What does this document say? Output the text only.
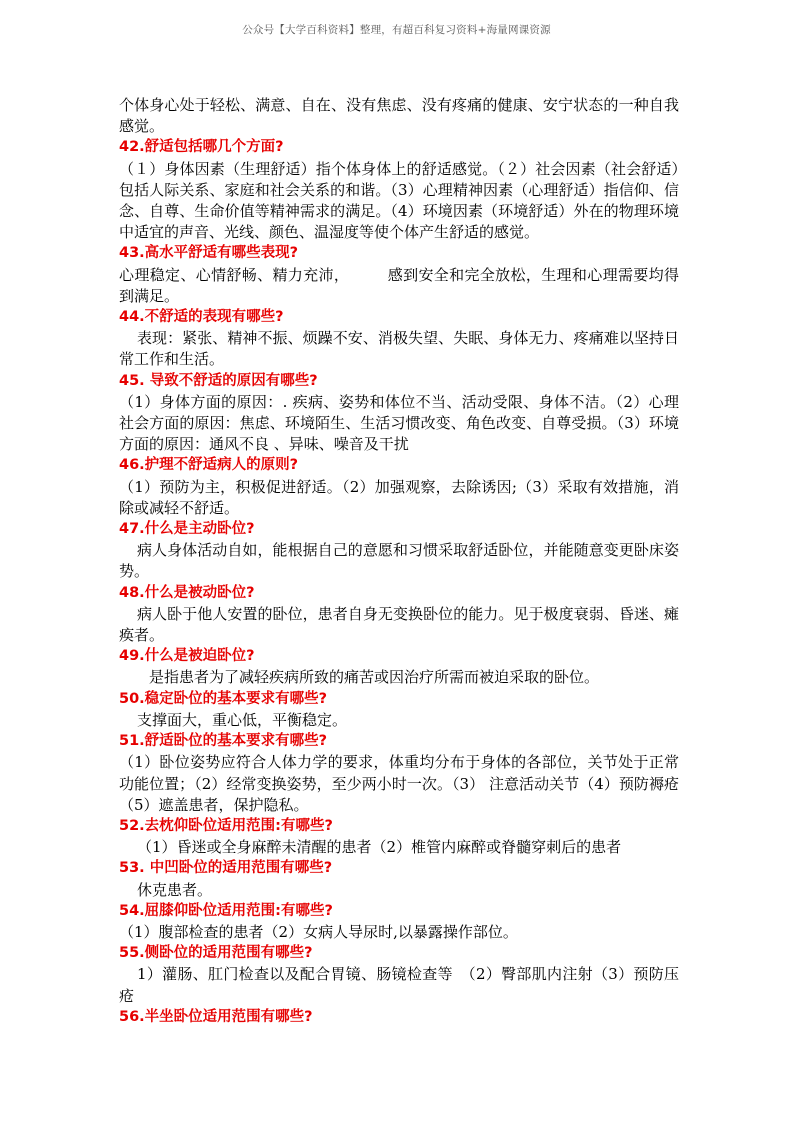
公众号【大学百科资料】整理，有超百科复习资料+海量网课资源

个体身心处于轻松、满意、自在、没有焦虑、没有疼痛的健康、安宁状态的一种自我感觉。

42.舒适包括哪几个方面?

（１）身体因素（生理舒适）指个体身体上的舒适感觉。（２）社会因素（社会舒适）包括人际关系、家庭和社会关系的和谐。（3）心理精神因素（心理舒适）指信仰、信念、自尊、生命价值等精神需求的满足。（4）环境因素（环境舒适）外在的物理环境中适宜的声音、光线、颜色、温湿度等使个体产生舒适的感觉。

43.高水平舒适有哪些表现?

心理稳定、心情舒畅、精力充沛，　　　感到安全和完全放松，生理和心理需要均得到满足。

44.不舒适的表现有哪些?

表现：紧张、精神不振、烦躁不安、消极失望、失眠、身体无力、疼痛难以坚持日常工作和生活。

45. 导致不舒适的原因有哪些?

（1）身体方面的原因：. 疾病、姿势和体位不当、活动受限、身体不洁。（2）心理社会方面的原因：焦虑、环境陌生、生活习惯改变、角色改变、自尊受损。（3）环境方面的原因：通风不良 、异味、噪音及干扰

46.护理不舒适病人的原则?

（1）预防为主，积极促进舒适。（2）加强观察，去除诱因;（3）采取有效措施，消除或减轻不舒适。

47.什么是主动卧位?

病人身体活动自如，能根据自己的意愿和习惯采取舒适卧位，并能随意变更卧床姿势。

48.什么是被动卧位?

病人卧于他人安置的卧位，患者自身无变换卧位的能力。见于极度衰弱、昏迷、瘫痪者。

49.什么是被迫卧位?

是指患者为了减轻疾病所致的痛苦或因治疗所需而被迫采取的卧位。

50.稳定卧位的基本要求有哪些?

支撑面大，重心低，平衡稳定。

51.舒适卧位的基本要求有哪些?

（1）卧位姿势应符合人体力学的要求，体重均分布于身体的各部位，关节处于正常功能位置；（2）经常变换姿势，至少两小时一次。（3） 注意活动关节（4）预防褥疮 （5）遮盖患者，保护隐私。

52.去枕仰卧位适用范围:有哪些?

（1）昏迷或全身麻醉未清醒的患者（2）椎管内麻醉或脊髓穿刺后的患者

53. 中凹卧位的适用范围有哪些?

休克患者。

54.屈膝仰卧位适用范围:有哪些?

（1）腹部检查的患者（2）女病人导尿时,以暴露操作部位。

55.侧卧位的适用范围有哪些?

1）灌肠、肛门检查以及配合胃镜、肠镜检查等　（2）臀部肌内注射（3）预防压疮

56.半坐卧位适用范围有哪些?
